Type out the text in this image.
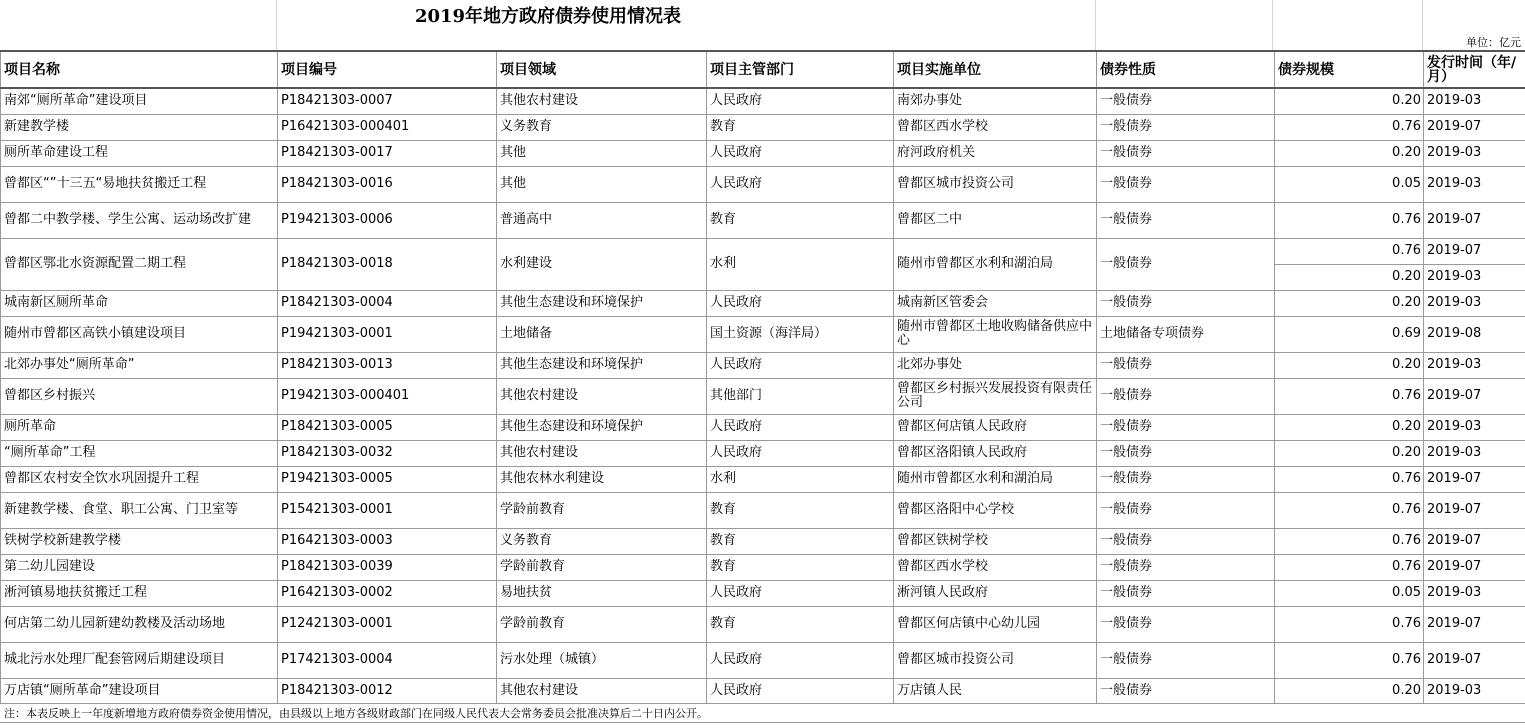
2019年地方政府债券使用情况表
单位：亿元
项目名称	项目编号	项目领域	项目主管部门	项目实施单位	债券性质	债券规模	发行时间（年/月）
南郊“厕所革命”建设项目	P18421303-0007	其他农村建设	人民政府	南郊办事处	一般债券	0.20	2019-03
新建教学楼	P16421303-000401	义务教育	教育	曾都区西水学校	一般债券	0.76	2019-07
厕所革命建设工程	P18421303-0017	其他	人民政府	府河政府机关	一般债券	0.20	2019-03
曾都区“”十三五“易地扶贫搬迁工程	P18421303-0016	其他	人民政府	曾都区城市投资公司	一般债券	0.05	2019-03
曾都二中教学楼、学生公寓、运动场改扩建	P19421303-0006	普通高中	教育	曾都区二中	一般债券	0.76	2019-07
曾都区鄂北水资源配置二期工程	P18421303-0018	水利建设	水利	随州市曾都区水利和湖泊局	一般债券	0.76	2019-07
						0.20	2019-03
城南新区厕所革命	P18421303-0004	其他生态建设和环境保护	人民政府	城南新区管委会	一般债券	0.20	2019-03
随州市曾都区高铁小镇建设项目	P19421303-0001	土地储备	国土资源（海洋局）	随州市曾都区土地收购储备供应中心	土地储备专项债券	0.69	2019-08
北郊办事处“厕所革命”	P18421303-0013	其他生态建设和环境保护	人民政府	北郊办事处	一般债券	0.20	2019-03
曾都区乡村振兴	P19421303-000401	其他农村建设	其他部门	曾都区乡村振兴发展投资有限责任公司	一般债券	0.76	2019-07
厕所革命	P18421303-0005	其他生态建设和环境保护	人民政府	曾都区何店镇人民政府	一般债券	0.20	2019-03
“厕所革命”工程	P18421303-0032	其他农村建设	人民政府	曾都区洛阳镇人民政府	一般债券	0.20	2019-03
曾都区农村安全饮水巩固提升工程	P19421303-0005	其他农林水利建设	水利	随州市曾都区水利和湖泊局	一般债券	0.76	2019-07
新建教学楼、食堂、职工公寓、门卫室等	P15421303-0001	学龄前教育	教育	曾都区洛阳中心学校	一般债券	0.76	2019-07
铁树学校新建教学楼	P16421303-0003	义务教育	教育	曾都区铁树学校	一般债券	0.76	2019-07
第二幼儿园建设	P18421303-0039	学龄前教育	教育	曾都区西水学校	一般债券	0.76	2019-07
淅河镇易地扶贫搬迁工程	P16421303-0002	易地扶贫	人民政府	淅河镇人民政府	一般债券	0.05	2019-03
何店第二幼儿园新建幼教楼及活动场地	P12421303-0001	学龄前教育	教育	曾都区何店镇中心幼儿园	一般债券	0.76	2019-07
城北污水处理厂配套管网后期建设项目	P17421303-0004	污水处理（城镇）	人民政府	曾都区城市投资公司	一般债券	0.76	2019-07
万店镇“厕所革命”建设项目	P18421303-0012	其他农村建设	人民政府	万店镇人民	一般债券	0.20	2019-03
注：本表反映上一年度新增地方政府债券资金使用情况，由县级以上地方各级财政部门在同级人民代表大会常务委员会批准决算后二十日内公开。
